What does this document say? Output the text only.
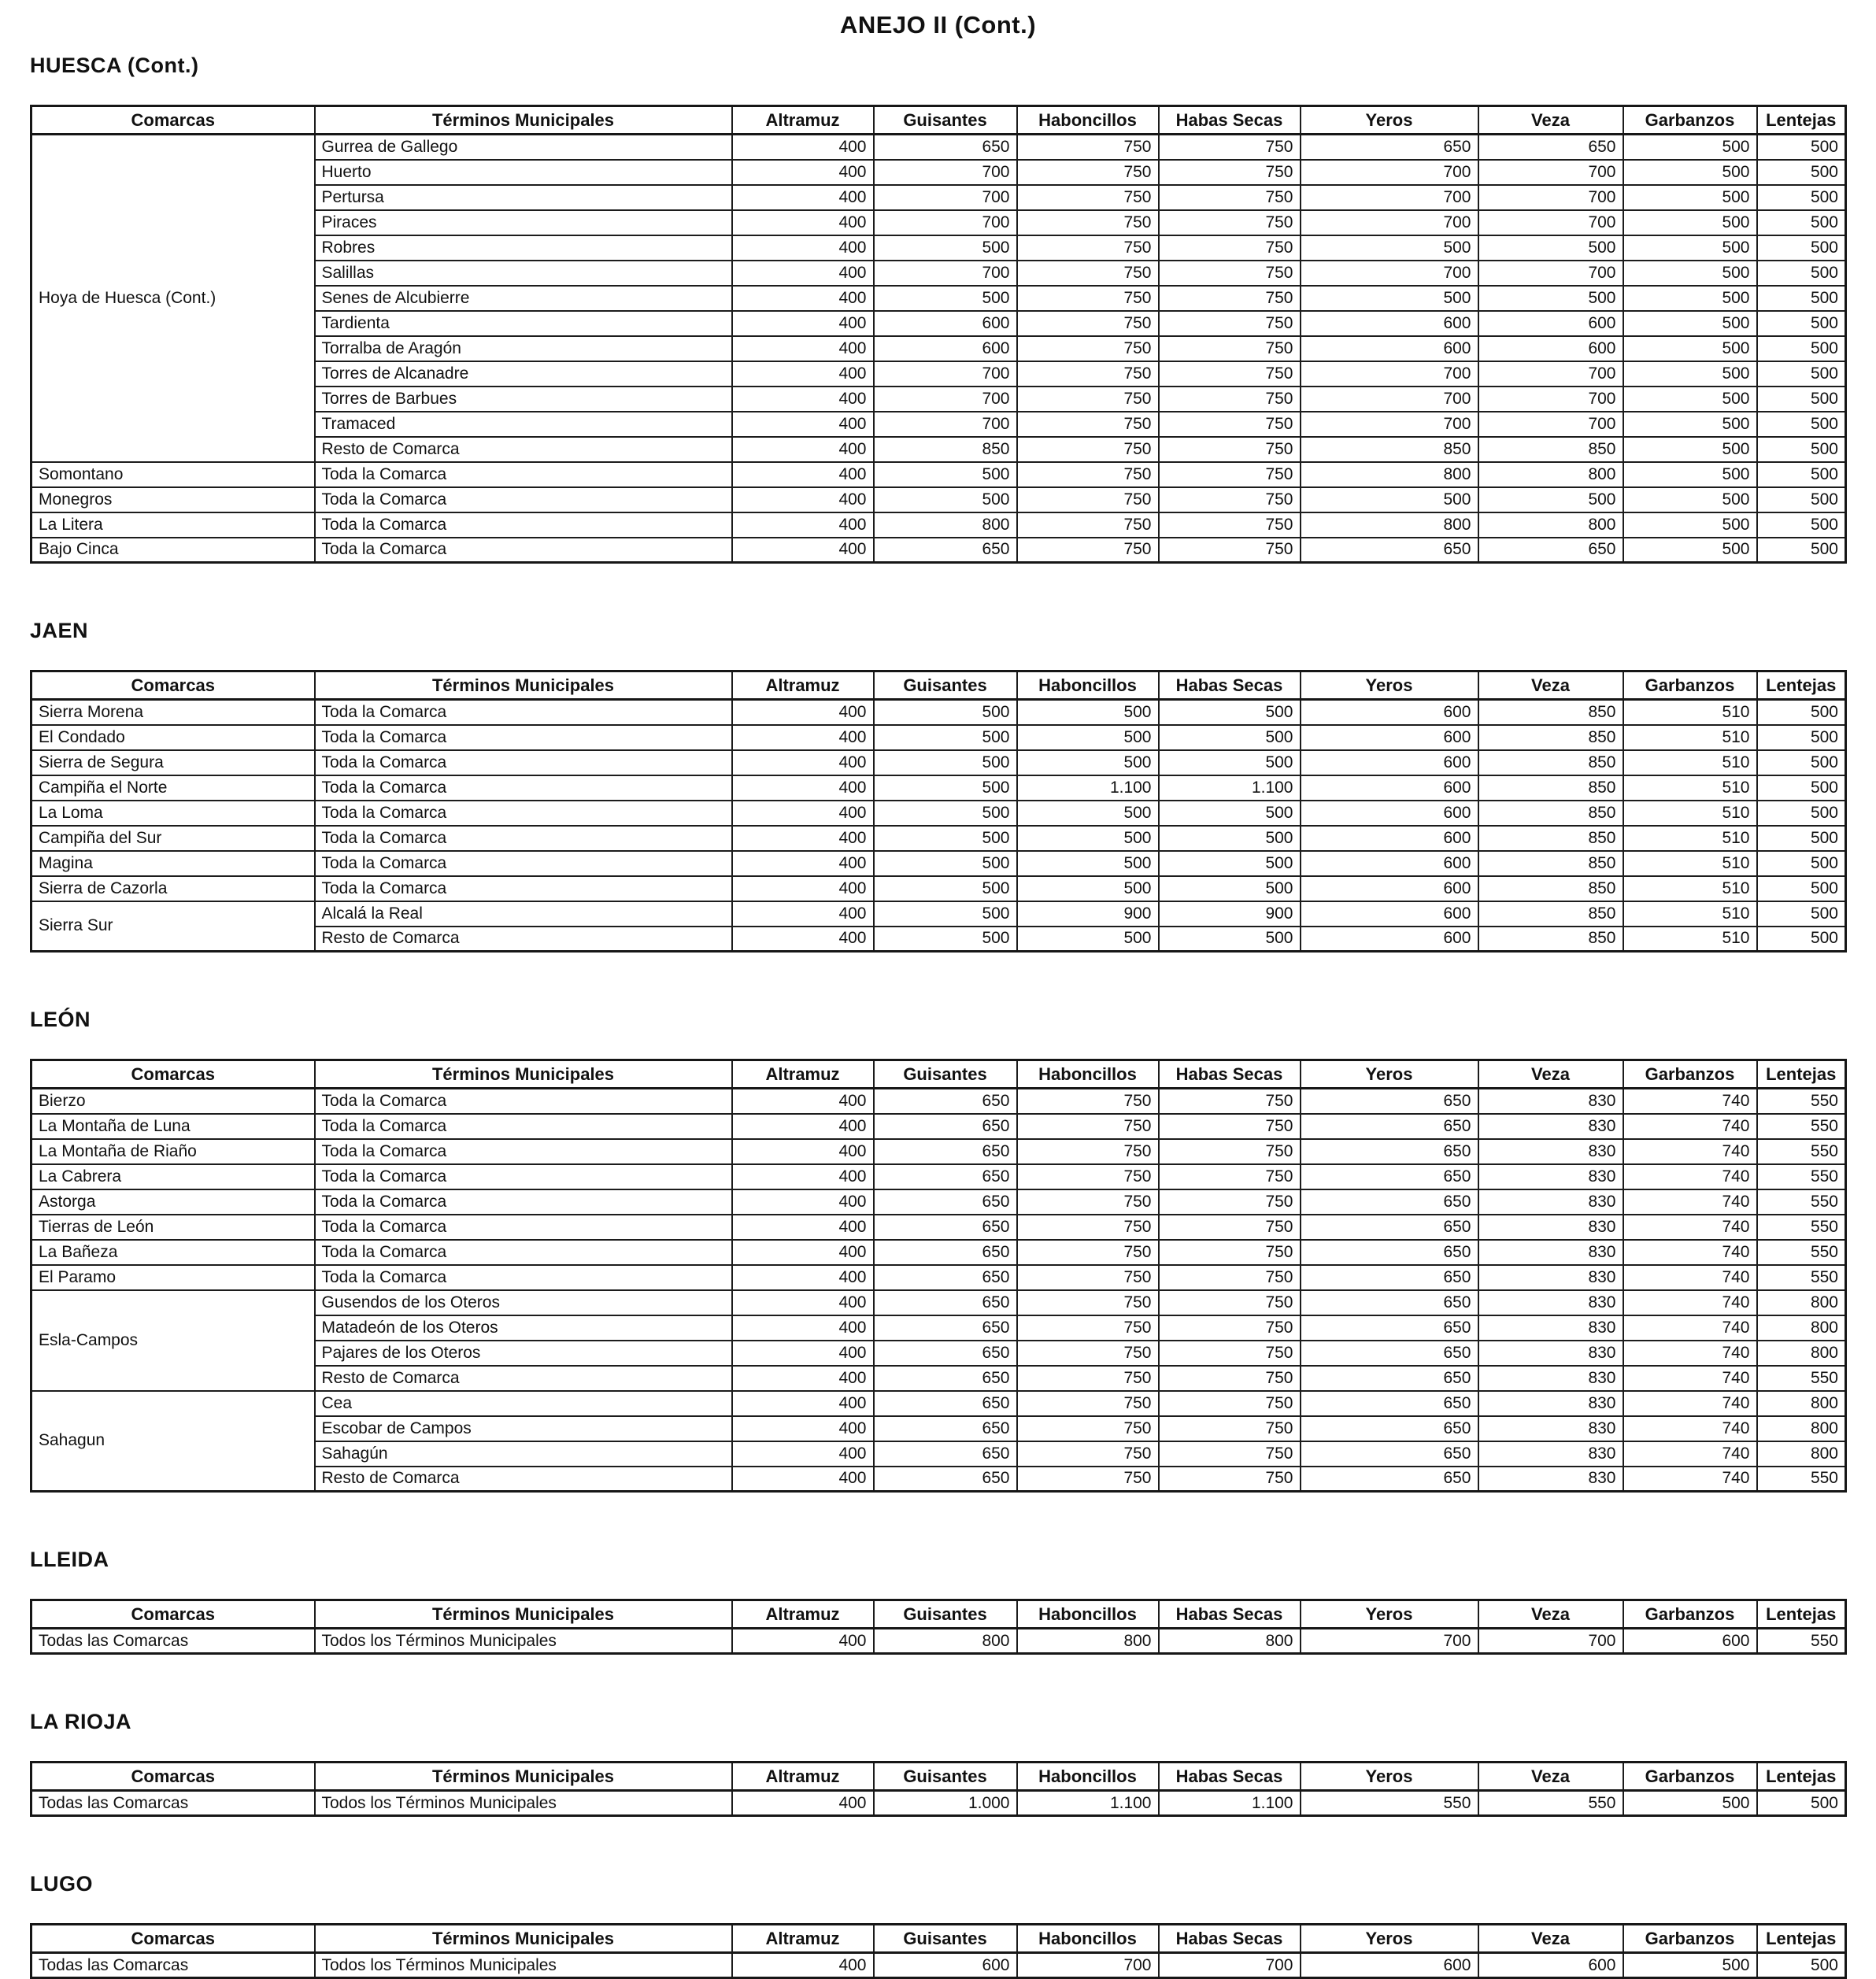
ANEJO II (Cont.)
HUESCA (Cont.)
Comarcas	Términos Municipales	Altramuz	Guisantes	Haboncillos	Habas Secas	Yeros	Veza	Garbanzos	Lentejas
Hoya de Huesca (Cont.)	Gurrea de Gallego	400	650	750	750	650	650	500	500
	Huerto	400	700	750	750	700	700	500	500
	Pertursa	400	700	750	750	700	700	500	500
	Piraces	400	700	750	750	700	700	500	500
	Robres	400	500	750	750	500	500	500	500
	Salillas	400	700	750	750	700	700	500	500
	Senes de Alcubierre	400	500	750	750	500	500	500	500
	Tardienta	400	600	750	750	600	600	500	500
	Torralba de Aragón	400	600	750	750	600	600	500	500
	Torres de Alcanadre	400	700	750	750	700	700	500	500
	Torres de Barbues	400	700	750	750	700	700	500	500
	Tramaced	400	700	750	750	700	700	500	500
	Resto de Comarca	400	850	750	750	850	850	500	500
Somontano	Toda la Comarca	400	500	750	750	800	800	500	500
Monegros	Toda la Comarca	400	500	750	750	500	500	500	500
La Litera	Toda la Comarca	400	800	750	750	800	800	500	500
Bajo Cinca	Toda la Comarca	400	650	750	750	650	650	500	500
JAEN
Comarcas	Términos Municipales	Altramuz	Guisantes	Haboncillos	Habas Secas	Yeros	Veza	Garbanzos	Lentejas
Sierra Morena	Toda la Comarca	400	500	500	500	600	850	510	500
El Condado	Toda la Comarca	400	500	500	500	600	850	510	500
Sierra de Segura	Toda la Comarca	400	500	500	500	600	850	510	500
Campiña el Norte	Toda la Comarca	400	500	1.100	1.100	600	850	510	500
La Loma	Toda la Comarca	400	500	500	500	600	850	510	500
Campiña del Sur	Toda la Comarca	400	500	500	500	600	850	510	500
Magina	Toda la Comarca	400	500	500	500	600	850	510	500
Sierra de Cazorla	Toda la Comarca	400	500	500	500	600	850	510	500
Sierra Sur	Alcalá la Real	400	500	900	900	600	850	510	500
	Resto de Comarca	400	500	500	500	600	850	510	500
LEÓN
Comarcas	Términos Municipales	Altramuz	Guisantes	Haboncillos	Habas Secas	Yeros	Veza	Garbanzos	Lentejas
Bierzo	Toda la Comarca	400	650	750	750	650	830	740	550
La Montaña de Luna	Toda la Comarca	400	650	750	750	650	830	740	550
La Montaña de Riaño	Toda la Comarca	400	650	750	750	650	830	740	550
La Cabrera	Toda la Comarca	400	650	750	750	650	830	740	550
Astorga	Toda la Comarca	400	650	750	750	650	830	740	550
Tierras de León	Toda la Comarca	400	650	750	750	650	830	740	550
La Bañeza	Toda la Comarca	400	650	750	750	650	830	740	550
El Paramo	Toda la Comarca	400	650	750	750	650	830	740	550
Esla-Campos	Gusendos de los Oteros	400	650	750	750	650	830	740	800
	Matadeón de los Oteros	400	650	750	750	650	830	740	800
	Pajares de los Oteros	400	650	750	750	650	830	740	800
	Resto de Comarca	400	650	750	750	650	830	740	550
Sahagun	Cea	400	650	750	750	650	830	740	800
	Escobar de Campos	400	650	750	750	650	830	740	800
	Sahagún	400	650	750	750	650	830	740	800
	Resto de Comarca	400	650	750	750	650	830	740	550
LLEIDA
Comarcas	Términos Municipales	Altramuz	Guisantes	Haboncillos	Habas Secas	Yeros	Veza	Garbanzos	Lentejas
Todas las Comarcas	Todos los Términos Municipales	400	800	800	800	700	700	600	550
LA RIOJA
Comarcas	Términos Municipales	Altramuz	Guisantes	Haboncillos	Habas Secas	Yeros	Veza	Garbanzos	Lentejas
Todas las Comarcas	Todos los Términos Municipales	400	1.000	1.100	1.100	550	550	500	500
LUGO
Comarcas	Términos Municipales	Altramuz	Guisantes	Haboncillos	Habas Secas	Yeros	Veza	Garbanzos	Lentejas
Todas las Comarcas	Todos los Términos Municipales	400	600	700	700	600	600	500	500
